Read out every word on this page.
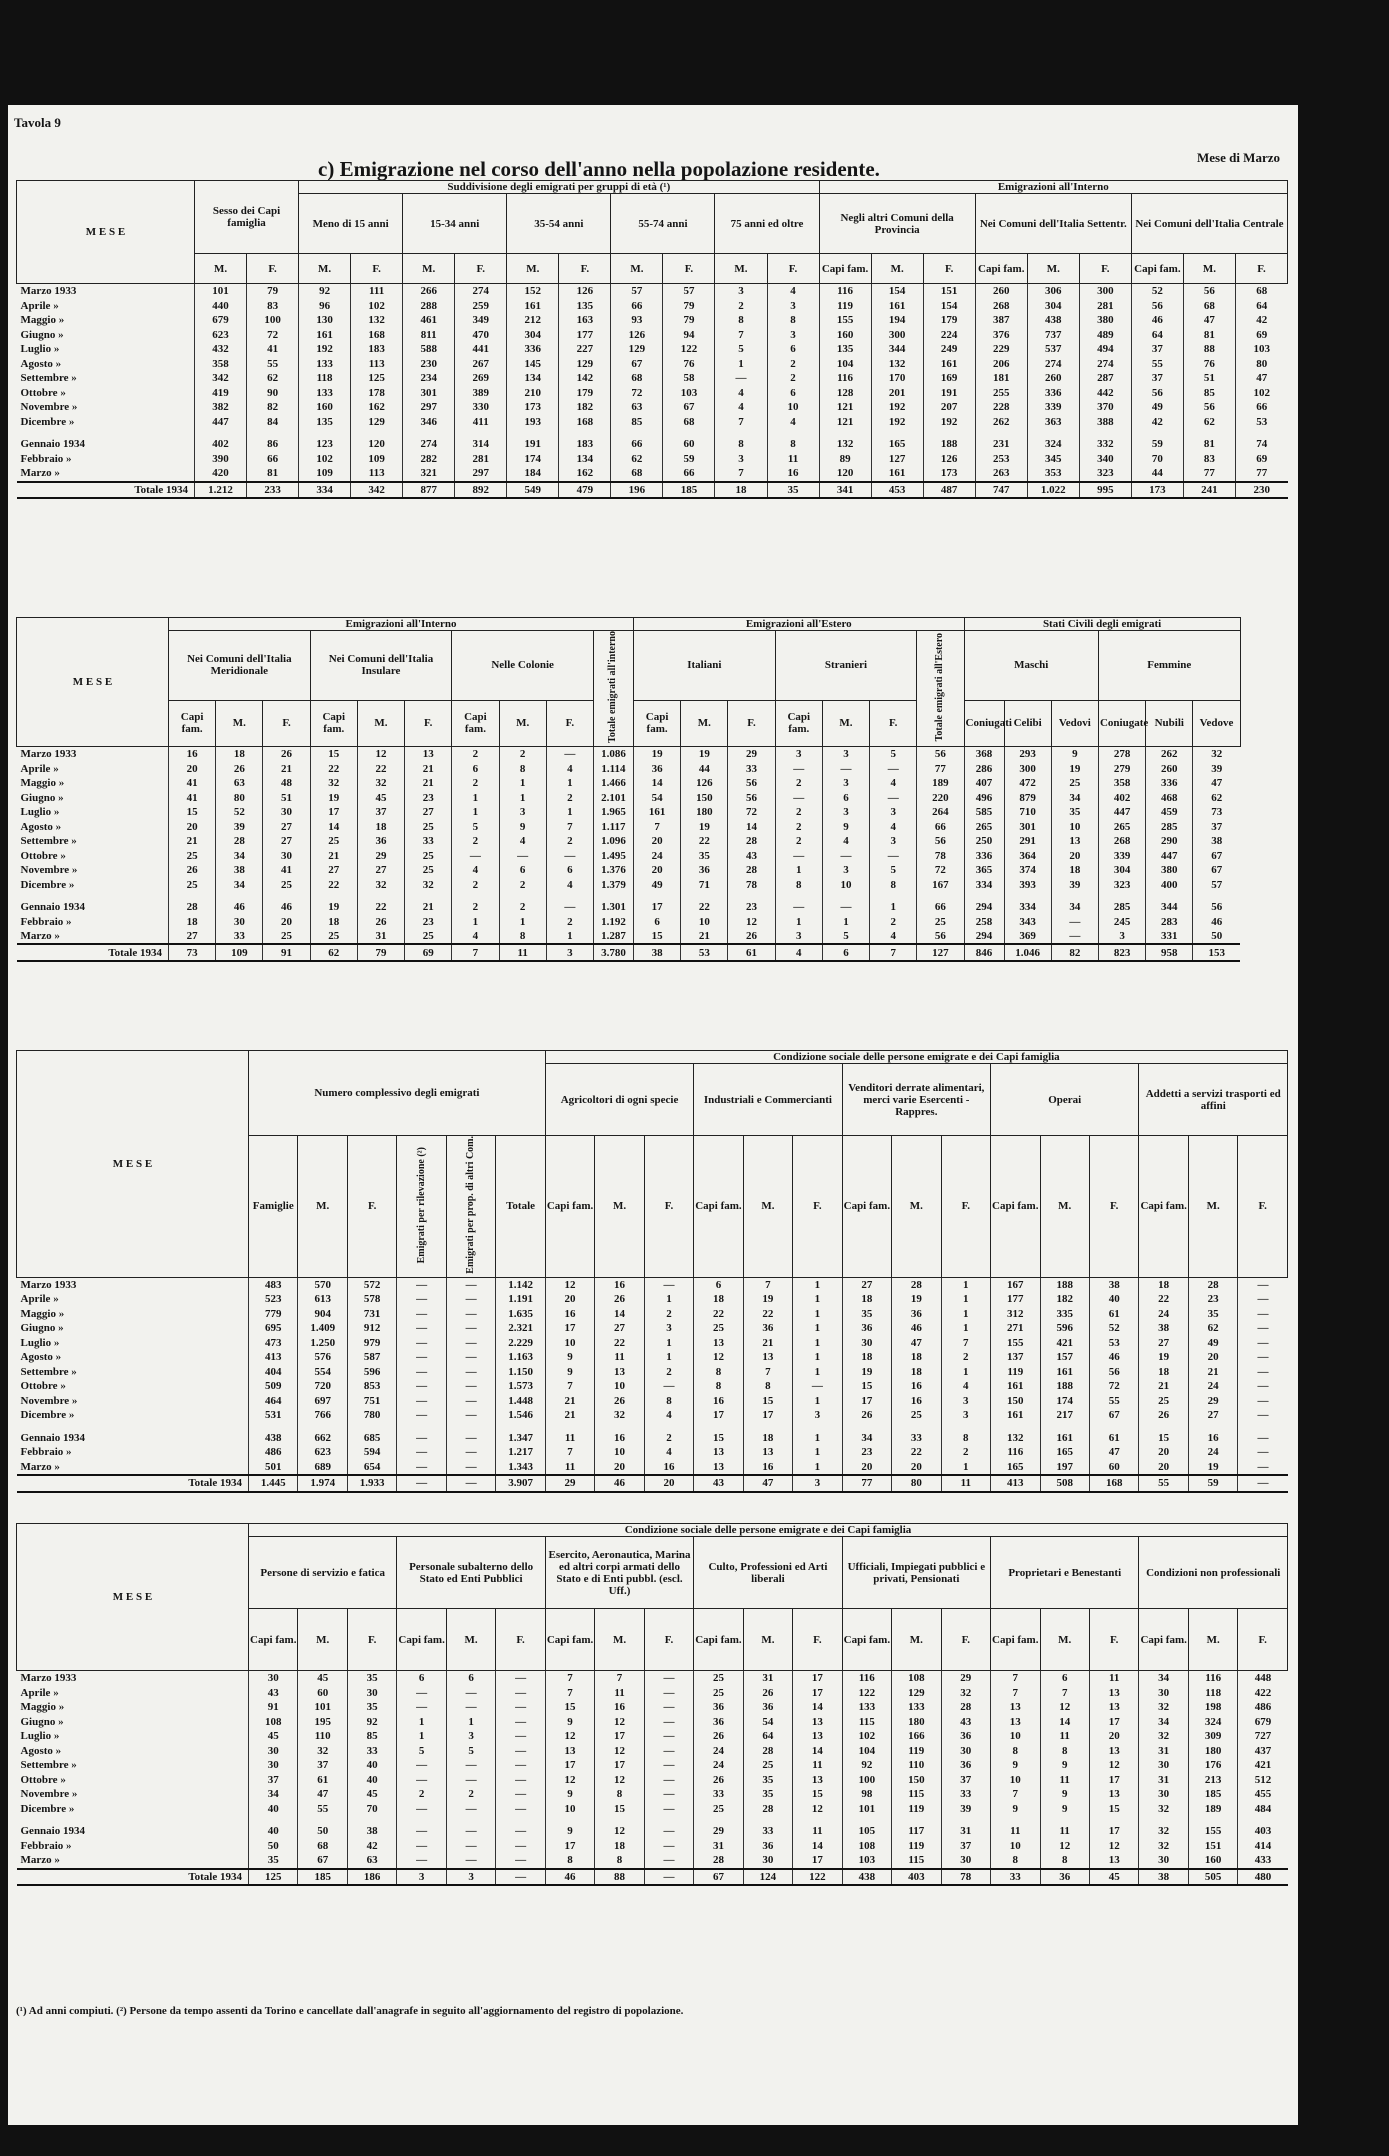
Tavola 9
Mese di Marzo
c) Emigrazione nel corso dell'anno nella popolazione residente.
M E S E	Sesso dei Capi famiglia		Suddivisione degli emigrati per gruppi di età (¹)										Emigrazioni all'Interno								
			Meno di 15 anni		15-34 anni		35-54 anni		55-74 anni		75 anni ed oltre		Negli altri Comuni della Provincia			Nei Comuni dell'Italia Settentr.			Nei Comuni dell'Italia Centrale		
	M.	F.	M.	F.	M.	F.	M.	F.	M.	F.	M.	F.	Capi fam.	M.	F.	Capi fam.	M.	F.	Capi fam.	M.	F.
Marzo 1933	101	79	92	111	266	274	152	126	57	57	3	4	116	154	151	260	306	300	52	56	68
Aprile »	440	83	96	102	288	259	161	135	66	79	2	3	119	161	154	268	304	281	56	68	64
Maggio »	679	100	130	132	461	349	212	163	93	79	8	8	155	194	179	387	438	380	46	47	42
Giugno »	623	72	161	168	811	470	304	177	126	94	7	3	160	300	224	376	737	489	64	81	69
Luglio »	432	41	192	183	588	441	336	227	129	122	5	6	135	344	249	229	537	494	37	88	103
Agosto »	358	55	133	113	230	267	145	129	67	76	1	2	104	132	161	206	274	274	55	76	80
Settembre »	342	62	118	125	234	269	134	142	68	58	—	2	116	170	169	181	260	287	37	51	47
Ottobre »	419	90	133	178	301	389	210	179	72	103	4	6	128	201	191	255	336	442	56	85	102
Novembre »	382	82	160	162	297	330	173	182	63	67	4	10	121	192	207	228	339	370	49	56	66
Dicembre »	447	84	135	129	346	411	193	168	85	68	7	4	121	192	192	262	363	388	42	62	53

Gennaio 1934	402	86	123	120	274	314	191	183	66	60	8	8	132	165	188	231	324	332	59	81	74
Febbraio »	390	66	102	109	282	281	174	134	62	59	3	11	89	127	126	253	345	340	70	83	69
Marzo »	420	81	109	113	321	297	184	162	68	66	7	16	120	161	173	263	353	323	44	77	77
Totale 1934	1.212	233	334	342	877	892	549	479	196	185	18	35	341	453	487	747	1.022	995	173	241	230
M E S E	Emigrazioni all'Interno										Emigrazioni all'Estero							Stati Civili degli emigrati					
	Nei Comuni dell'Italia Meridionale			Nei Comuni dell'Italia Insulare			Nelle Colonie			Totale emigrati all'interno	Italiani			Stranieri			Totale emigrati all'Estero	Maschi			Femmine		
	Capi fam.	M.	F.	Capi fam.	M.	F.	Capi fam.	M.	F.		Capi fam.	M.	F.	Capi fam.	M.	F.		Coniugati	Celibi	Vedovi	Coniugate	Nubili	Vedove
Marzo 1933	16	18	26	15	12	13	2	2	—	1.086	19	19	29	3	3	5	56	368	293	9	278	262	32
Aprile »	20	26	21	22	22	21	6	8	4	1.114	36	44	33	—	—	—	77	286	300	19	279	260	39
Maggio »	41	63	48	32	32	21	2	1	1	1.466	14	126	56	2	3	4	189	407	472	25	358	336	47
Giugno »	41	80	51	19	45	23	1	1	2	2.101	54	150	56	—	6	—	220	496	879	34	402	468	62
Luglio »	15	52	30	17	37	27	1	3	1	1.965	161	180	72	2	3	3	264	585	710	35	447	459	73
Agosto »	20	39	27	14	18	25	5	9	7	1.117	7	19	14	2	9	4	66	265	301	10	265	285	37
Settembre »	21	28	27	25	36	33	2	4	2	1.096	20	22	28	2	4	3	56	250	291	13	268	290	38
Ottobre »	25	34	30	21	29	25	—	—	—	1.495	24	35	43	—	—	—	78	336	364	20	339	447	67
Novembre »	26	38	41	27	27	25	4	6	6	1.376	20	36	28	1	3	5	72	365	374	18	304	380	67
Dicembre »	25	34	25	22	32	32	2	2	4	1.379	49	71	78	8	10	8	167	334	393	39	323	400	57

Gennaio 1934	28	46	46	19	22	21	2	2	—	1.301	17	22	23	—	—	1	66	294	334	34	285	344	56
Febbraio »	18	30	20	18	26	23	1	1	2	1.192	6	10	12	1	1	2	25	258	343	—	245	283	46
Marzo »	27	33	25	25	31	25	4	8	1	1.287	15	21	26	3	5	4	56	294	369	—	3	331	50
Totale 1934	73	109	91	62	79	69	7	11	3	3.780	38	53	61	4	6	7	127	846	1.046	82	823	958	153
M E S E	Numero complessivo degli emigrati						Condizione sociale delle persone emigrate e dei Capi famiglia														
							Agricoltori di ogni specie			Industriali e Commercianti			Venditori derrate alimentari, merci varie Esercenti - Rappres.			Operai			Addetti a servizi trasporti ed affini		
	Famiglie	M.	F.	Emigrati per rilevazione (²)	Emigrati per prop. di altri Com.	Totale	Capi fam.	M.	F.	Capi fam.	M.	F.	Capi fam.	M.	F.	Capi fam.	M.	F.	Capi fam.	M.	F.
Marzo 1933	483	570	572	—	—	1.142	12	16	—	6	7	1	27	28	1	167	188	38	18	28	—
Aprile »	523	613	578	—	—	1.191	20	26	1	18	19	1	18	19	1	177	182	40	22	23	—
Maggio »	779	904	731	—	—	1.635	16	14	2	22	22	1	35	36	1	312	335	61	24	35	—
Giugno »	695	1.409	912	—	—	2.321	17	27	3	25	36	1	36	46	1	271	596	52	38	62	—
Luglio »	473	1.250	979	—	—	2.229	10	22	1	13	21	1	30	47	7	155	421	53	27	49	—
Agosto »	413	576	587	—	—	1.163	9	11	1	12	13	1	18	18	2	137	157	46	19	20	—
Settembre »	404	554	596	—	—	1.150	9	13	2	8	7	1	19	18	1	119	161	56	18	21	—
Ottobre »	509	720	853	—	—	1.573	7	10	—	8	8	—	15	16	4	161	188	72	21	24	—
Novembre »	464	697	751	—	—	1.448	21	26	8	16	15	1	17	16	3	150	174	55	25	29	—
Dicembre »	531	766	780	—	—	1.546	21	32	4	17	17	3	26	25	3	161	217	67	26	27	—

Gennaio 1934	438	662	685	—	—	1.347	11	16	2	15	18	1	34	33	8	132	161	61	15	16	—
Febbraio »	486	623	594	—	—	1.217	7	10	4	13	13	1	23	22	2	116	165	47	20	24	—
Marzo »	501	689	654	—	—	1.343	11	20	16	13	16	1	20	20	1	165	197	60	20	19	—
Totale 1934	1.445	1.974	1.933	—	—	3.907	29	46	20	43	47	3	77	80	11	413	508	168	55	59	—
M E S E	Condizione sociale delle persone emigrate e dei Capi famiglia																				
	Persone di servizio e fatica			Personale subalterno dello Stato ed Enti Pubblici			Esercito, Aeronautica, Marina ed altri corpi armati dello Stato e di Enti pubbl. (escl. Uff.)			Culto, Professioni ed Arti liberali			Ufficiali, Impiegati pubblici e privati, Pensionati			Proprietari e Benestanti			Condizioni non professionali		
	Capi fam.	M.	F.	Capi fam.	M.	F.	Capi fam.	M.	F.	Capi fam.	M.	F.	Capi fam.	M.	F.	Capi fam.	M.	F.	Capi fam.	M.	F.
Marzo 1933	30	45	35	6	6	—	7	7	—	25	31	17	116	108	29	7	6	11	34	116	448
Aprile »	43	60	30	—	—	—	7	11	—	25	26	17	122	129	32	7	7	13	30	118	422
Maggio »	91	101	35	—	—	—	15	16	—	36	36	14	133	133	28	13	12	13	32	198	486
Giugno »	108	195	92	1	1	—	9	12	—	36	54	13	115	180	43	13	14	17	34	324	679
Luglio »	45	110	85	1	3	—	12	17	—	26	64	13	102	166	36	10	11	20	32	309	727
Agosto »	30	32	33	5	5	—	13	12	—	24	28	14	104	119	30	8	8	13	31	180	437
Settembre »	30	37	40	—	—	—	17	17	—	24	25	11	92	110	36	9	9	12	30	176	421
Ottobre »	37	61	40	—	—	—	12	12	—	26	35	13	100	150	37	10	11	17	31	213	512
Novembre »	34	47	45	2	2	—	9	8	—	33	35	15	98	115	33	7	9	13	30	185	455
Dicembre »	40	55	70	—	—	—	10	15	—	25	28	12	101	119	39	9	9	15	32	189	484

Gennaio 1934	40	50	38	—	—	—	9	12	—	29	33	11	105	117	31	11	11	17	32	155	403
Febbraio »	50	68	42	—	—	—	17	18	—	31	36	14	108	119	37	10	12	12	32	151	414
Marzo »	35	67	63	—	—	—	8	8	—	28	30	17	103	115	30	8	8	13	30	160	433
Totale 1934	125	185	186	3	3	—	46	88	—	67	124	122	438	403	78	33	36	45	38	505	480
(¹) Ad anni compiuti. (²) Persone da tempo assenti da Torino e cancellate dall'anagrafe in seguito all'aggiornamento del registro di popolazione.
